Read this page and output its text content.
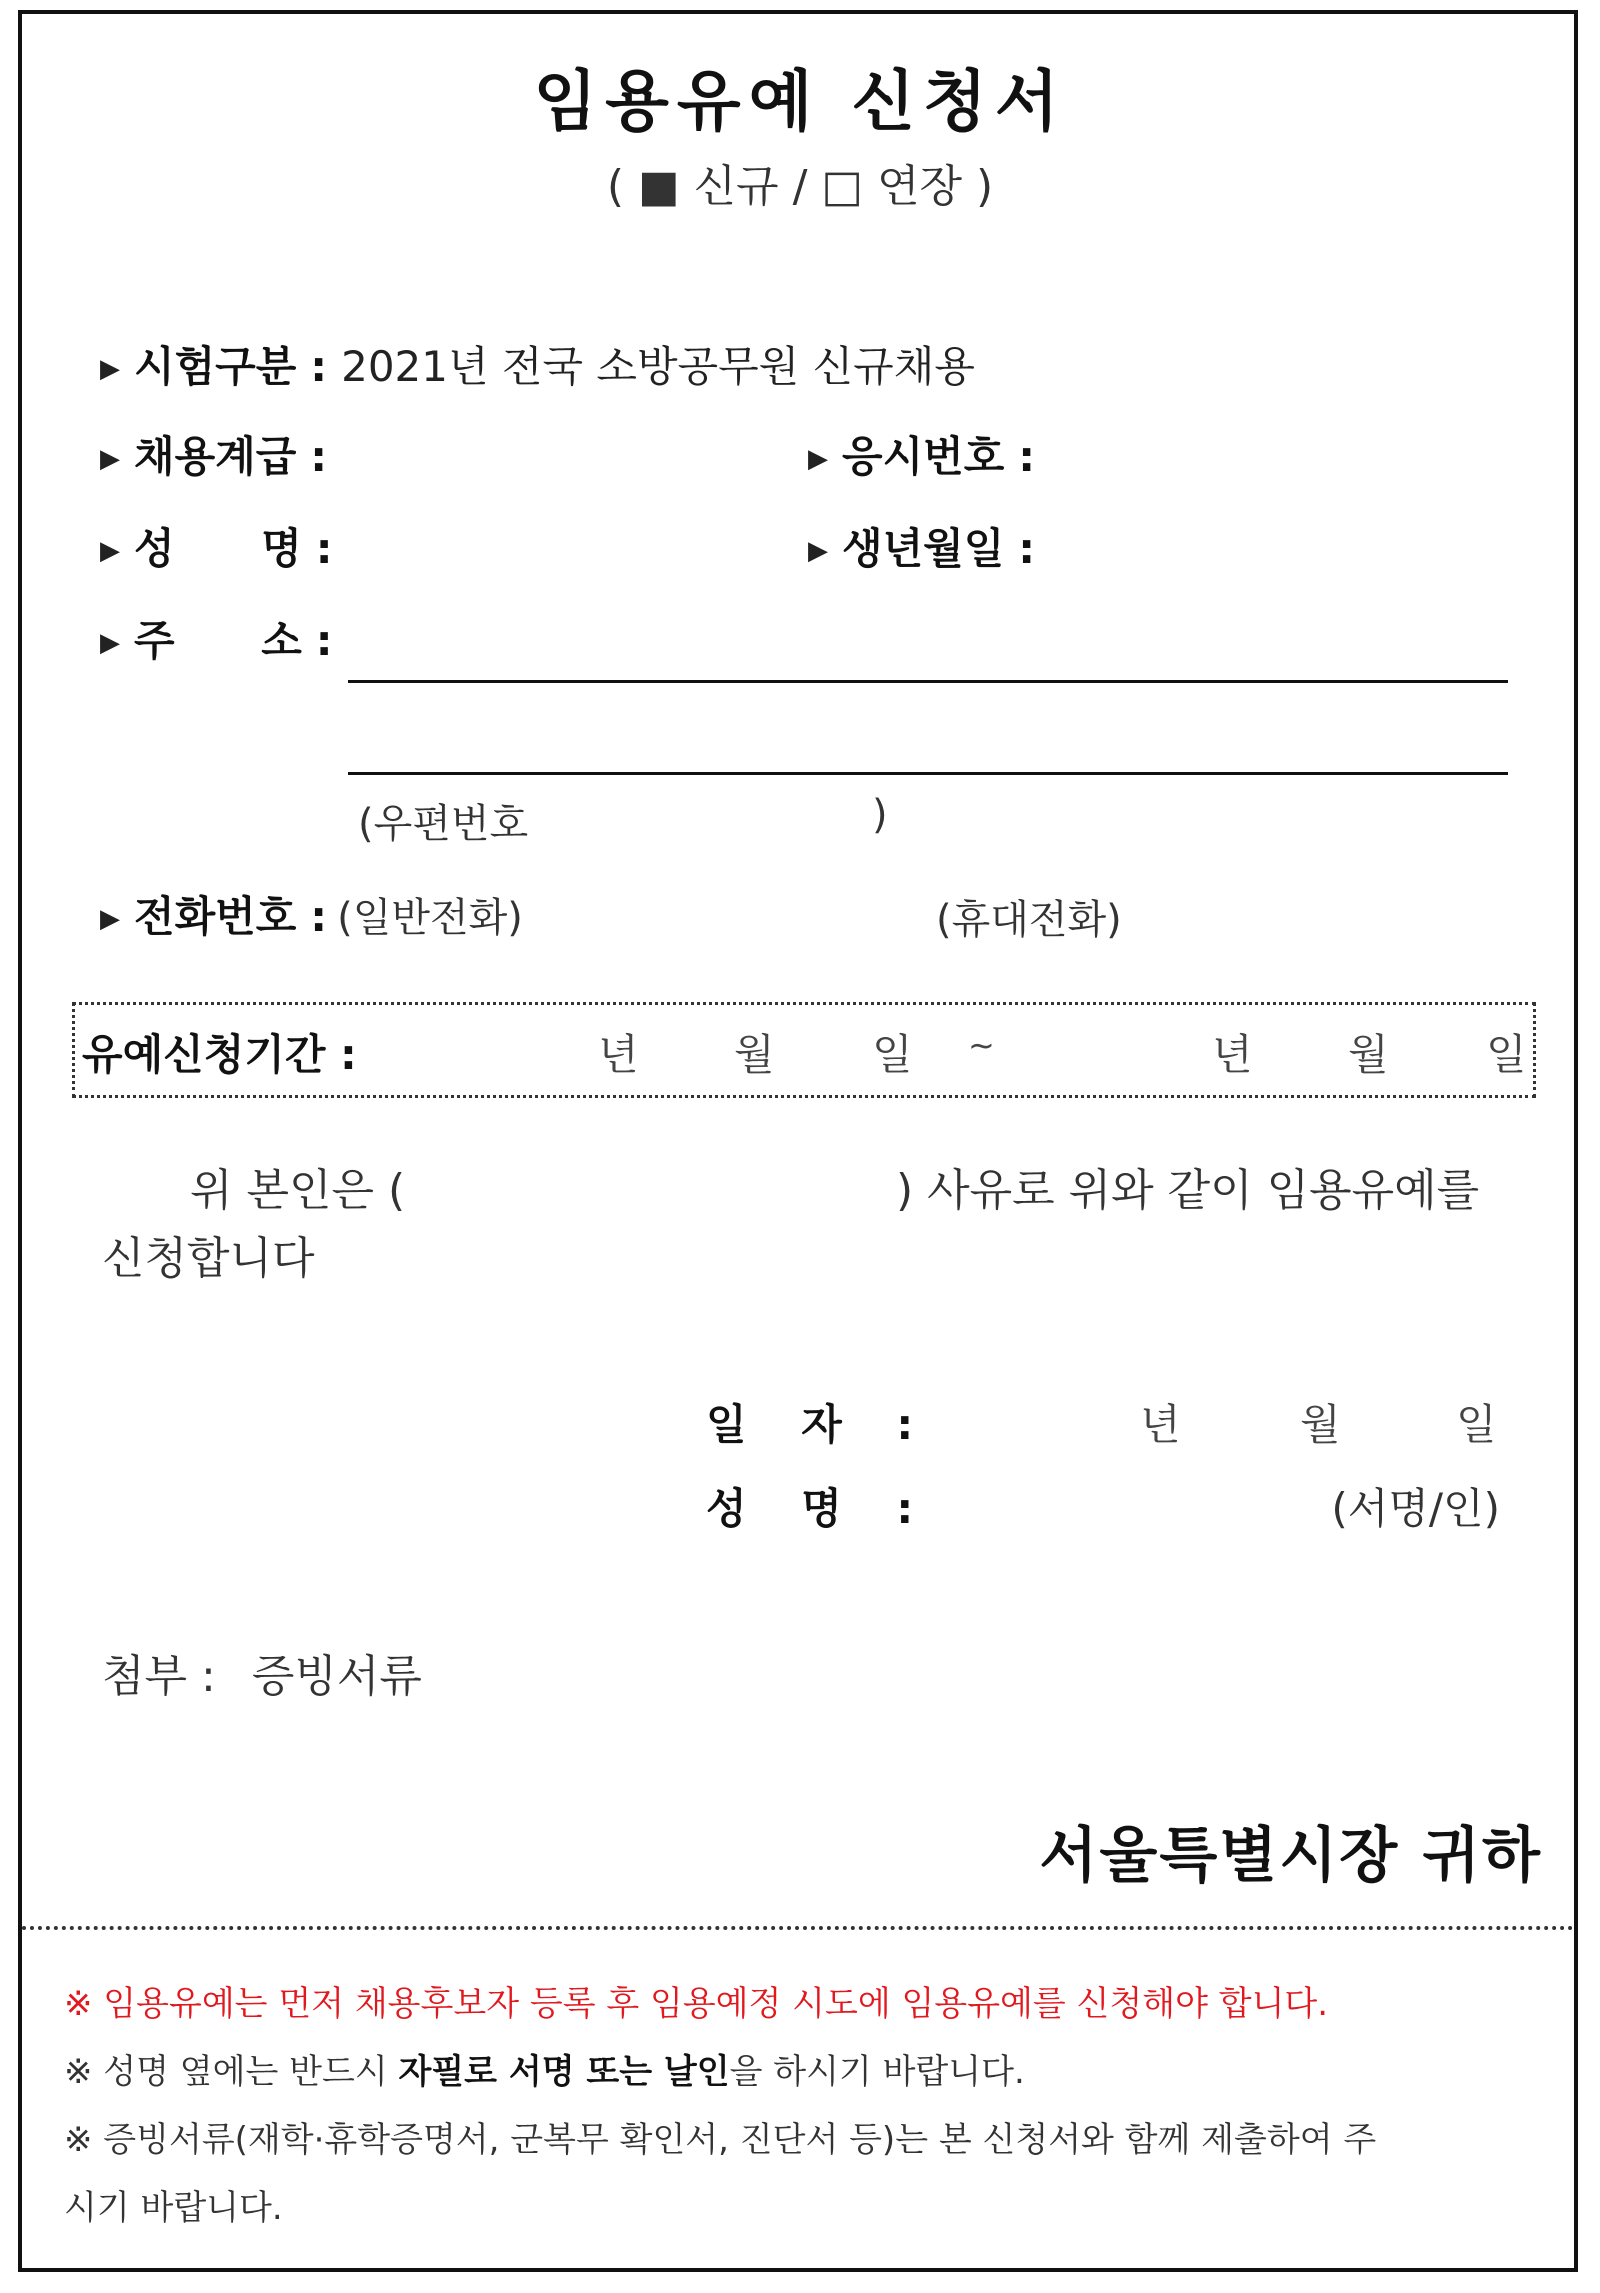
임용유예 신청서
( ■ 신규 / □ 연장 )
▶ 시험구분 : 2021년 전국 소방공무원 신규채용
▶ 채용계급 :	▶ 응시번호 :
▶ 성 명 :	▶ 생년월일 :
▶ 주 소 :
(우편번호	)
▶ 전화번호 : (일반전화)	(휴대전화)
유예신청기간 :	년 월 일 ~	년 월 일
위 본인은 (	) 사유로 위와 같이 임용유예를
신청합니다
일 자 :	년	월	일
성 명 :	(서명/인)
첨부 : 증빙서류
서울특별시장 귀하
※ 임용유예는 먼저 채용후보자 등록 후 임용예정 시도에 임용유예를 신청해야 합니다.
※ 성명 옆에는 반드시 자필로 서명 또는 날인을 하시기 바랍니다.
※ 증빙서류(재학·휴학증명서, 군복무 확인서, 진단서 등)는 본 신청서와 함께 제출하여 주
시기 바랍니다.
